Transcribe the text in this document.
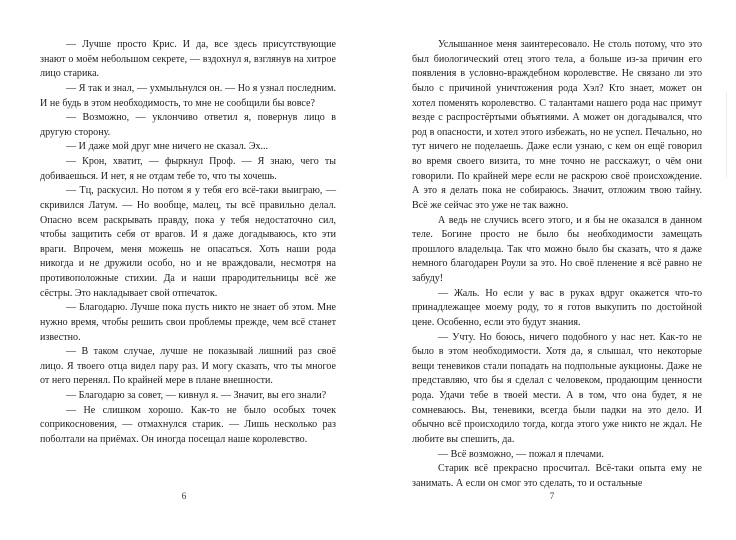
— Лучше просто Крис. И да, все здесь присутствующие знают о моём небольшом секрете, — вздохнул я, взглянув на хитрое лицо старика.

— Я так и знал, — ухмыльнулся он. — Но я узнал последним. И не будь в этом необходимость, то мне не сообщили бы вовсе?

— Возможно, — уклончиво ответил я, повернув лицо в другую сторону.

— И даже мой друг мне ничего не сказал. Эх...

— Крон, хватит, — фыркнул Проф. — Я знаю, чего ты добиваешься. И нет, я не отдам тебе то, что ты хочешь.

— Тц, раскусил. Но потом я у тебя его всё-таки выиграю, — скривился Латум. — Но вообще, малец, ты всё правильно делал. Опасно всем раскрывать правду, пока у тебя недостаточно сил, чтобы защитить себя от врагов. И я даже догадываюсь, кто эти враги. Впрочем, меня можешь не опасаться. Хоть наши рода никогда и не дружили особо, но и не враждовали, несмотря на противоположные стихии. Да и наши прародительницы всё же сёстры. Это накладывает свой отпечаток.

— Благодарю. Лучше пока пусть никто не знает об этом. Мне нужно время, чтобы решить свои проблемы прежде, чем всё станет известно.

— В таком случае, лучше не показывай лишний раз своё лицо. Я твоего отца видел пару раз. И могу сказать, что ты многое от него перенял. По крайней мере в плане внешности.

— Благодарю за совет, — кивнул я. — Значит, вы его знали?

— Не слишком хорошо. Как-то не было особых точек соприкосновения, — отмахнулся старик. — Лишь несколько раз поболтали на приёмах. Он иногда посещал наше королевство.

6

Услышанное меня заинтересовало. Не столь потому, что это был биологический отец этого тела, а больше из-за причин его появления в условно-враждебном королевстве. Не связано ли это было с причиной уничтожения рода Хэл? Кто знает, может он хотел поменять королевство. С талантами нашего рода нас примут везде с распростёртыми объятиями. А может он догадывался, что род в опасности, и хотел этого избежать, но не успел. Печально, но тут ничего не поделаешь. Даже если узнаю, с кем он ещё говорил во время своего визита, то мне точно не расскажут, о чём они говорили. По крайней мере если не раскрою своё происхождение. А это я делать пока не собираюсь. Значит, отложим твою тайну. Всё же сейчас это уже не так важно.

А ведь не случись всего этого, и я бы не оказался в данном теле. Богине просто не было бы необходимости замещать прошлого владельца. Так что можно было бы сказать, что я даже немного благодарен Роули за это. Но своё пленение я всё равно не забуду!

— Жаль. Но если у вас в руках вдруг окажется что-то принадлежащее моему роду, то я готов выкупить по достойной цене. Особенно, если это будут знания.

— Учту. Но боюсь, ничего подобного у нас нет. Как-то не было в этом необходимости. Хотя да, я слышал, что некоторые вещи теневиков стали попадать на подпольные аукционы. Даже не представляю, что бы я сделал с человеком, продающим ценности рода. Удачи тебе в твоей мести. А в том, что она будет, я не сомневаюсь. Вы, теневики, всегда были падки на это дело. И обычно всё происходило тогда, когда этого уже никто не ждал. Не любите вы спешить, да.

— Всё возможно, — пожал я плечами.

Старик всё прекрасно просчитал. Всё-таки опыта ему не занимать. А если он смог это сделать, то и остальные

7
